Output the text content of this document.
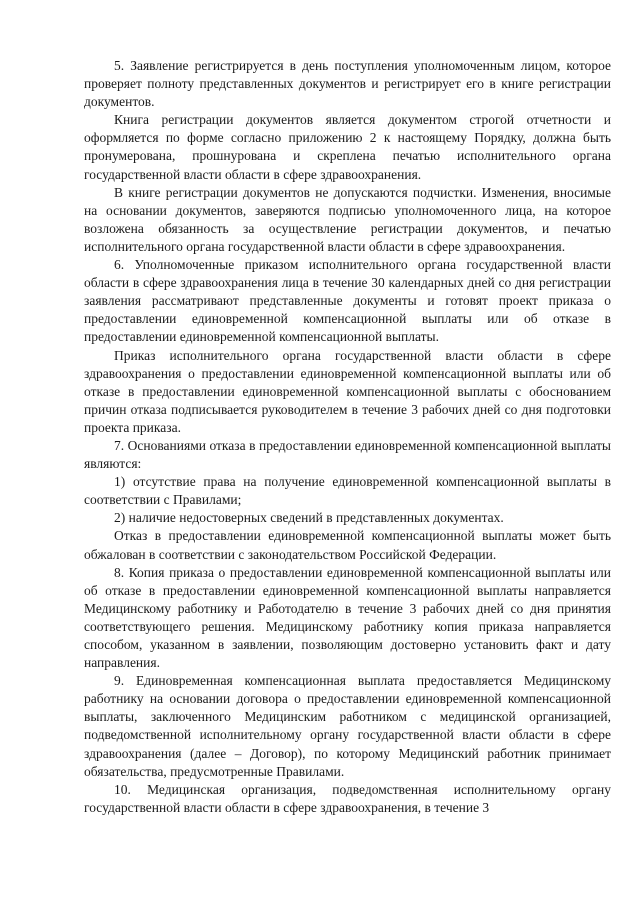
5. Заявление регистрируется в день поступления уполномоченным лицом, которое проверяет полноту представленных документов и регистрирует его в книге регистрации документов.

Книга регистрации документов является документом строгой отчетности и оформляется по форме согласно приложению 2 к настоящему Порядку, должна быть пронумерована, прошнурована и скреплена печатью исполнительного органа государственной власти области в сфере здравоохранения.

В книге регистрации документов не допускаются подчистки. Изменения, вносимые на основании документов, заверяются подписью уполномоченного лица, на которое возложена обязанность за осуществление регистрации документов, и печатью исполнительного органа государственной власти области в сфере здравоохранения.

6. Уполномоченные приказом исполнительного органа государственной власти области в сфере здравоохранения лица в течение 30 календарных дней со дня регистрации заявления рассматривают представленные документы и готовят проект приказа о предоставлении единовременной компенсационной выплаты или об отказе в предоставлении единовременной компенсационной выплаты.

Приказ исполнительного органа государственной власти области в сфере здравоохранения о предоставлении единовременной компенсационной выплаты или об отказе в предоставлении единовременной компенсационной выплаты с обоснованием причин отказа подписывается руководителем в течение 3 рабочих дней со дня подготовки проекта приказа.

7. Основаниями отказа в предоставлении единовременной компенсационной выплаты являются:

1) отсутствие права на получение единовременной компенсационной выплаты в соответствии с Правилами;

2) наличие недостоверных сведений в представленных документах.

Отказ в предоставлении единовременной компенсационной выплаты может быть обжалован в соответствии с законодательством Российской Федерации.

8. Копия приказа о предоставлении единовременной компенсационной выплаты или об отказе в предоставлении единовременной компенсационной выплаты направляется Медицинскому работнику и Работодателю в течение 3 рабочих дней со дня принятия соответствующего решения. Медицинскому работнику копия приказа направляется способом, указанном в заявлении, позволяющим достоверно установить факт и дату направления.

9. Единовременная компенсационная выплата предоставляется Медицинскому работнику на основании договора о предоставлении единовременной компенсационной выплаты, заключенного Медицинским работником с медицинской организацией, подведомственной исполнительному органу государственной власти области в сфере здравоохранения (далее – Договор), по которому Медицинский работник принимает обязательства, предусмотренные Правилами.

10. Медицинская организация, подведомственная исполнительному органу государственной власти области в сфере здравоохранения, в течение 3
